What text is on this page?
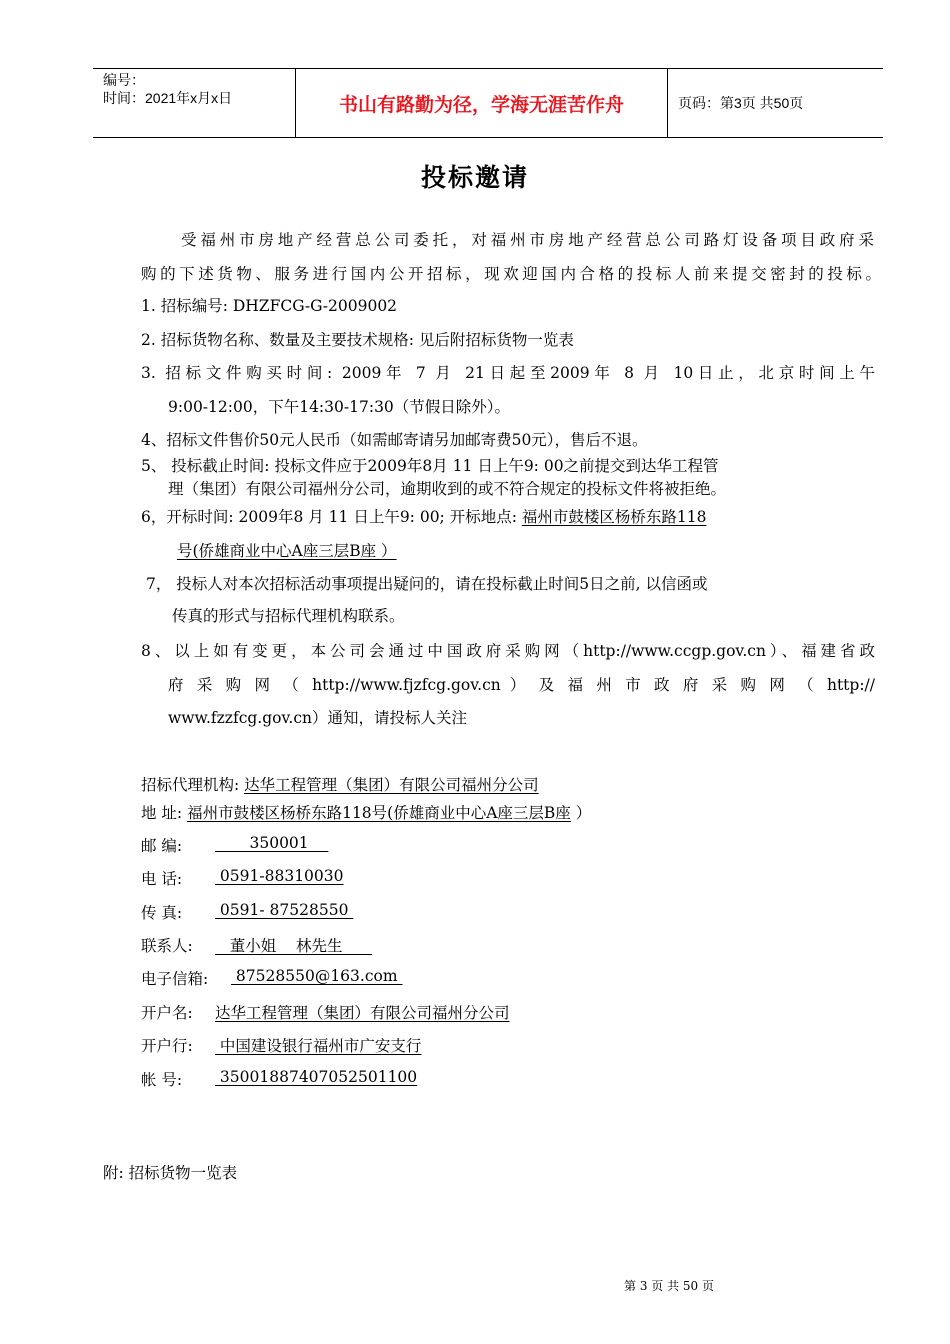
编号：
时间：2021年x月x日	书山有路勤为径，学海无涯苦作舟	页码：第3页 共50页
投标邀请
受福州市房地产经营总公司委托，对福州市房地产经营总公司路灯设备项目政府采
购的下述货物、服务进行国内公开招标，现欢迎国内合格的投标人前来提交密封的投标。
1. 招标编号: DHZFCG-G-2009002
2. 招标货物名称、数量及主要技术规格: 见后附招标货物一览表
3. 招标文件购买时间: 2009年 7 月 21日起至2009年 8 月 10日止，北京时间上午
9:00-12:00，下午14:30-17:30（节假日除外）。
4、招标文件售价50元人民币（如需邮寄请另加邮寄费50元），售后不退。
5、 投标截止时间: 投标文件应于2009年8月 11 日上午9: 00之前提交到达华工程管
理（集团）有限公司福州分公司，逾期收到的或不符合规定的投标文件将被拒绝。
6，开标时间: 2009年8 月 11 日上午9: 00; 开标地点: 福州市鼓楼区杨桥东路118
号(侨雄商业中心A座三层B座 ）
7， 投标人对本次招标活动事项提出疑问的，请在投标截止时间5日之前, 以信函或
传真的形式与招标代理机构联系。
8、以上如有变更，本公司会通过中国政府采购网（http://www.ccgp.gov.cn）、福建省政
府 采 购 网 （ http://www.fjzfcg.gov.cn ） 及 福 州 市 政 府 采 购 网 （ http://
www.fzzfcg.gov.cn）通知，请投标人关注
招标代理机构: 达华工程管理（集团）有限公司福州分公司
地 址: 福州市鼓楼区杨桥东路118号(侨雄商业中心A座三层B座 ）
邮 编: 350001
电 话: 0591-88310030
传 真: 0591- 87528550
联系人: 董小姐    林先生
电子信箱: 87528550@163.com
开户名: 达华工程管理（集团）有限公司福州分公司
开户行: 中国建设银行福州市广安支行
帐 号: 35001887407052501100
附: 招标货物一览表
第 3 页 共 50 页
